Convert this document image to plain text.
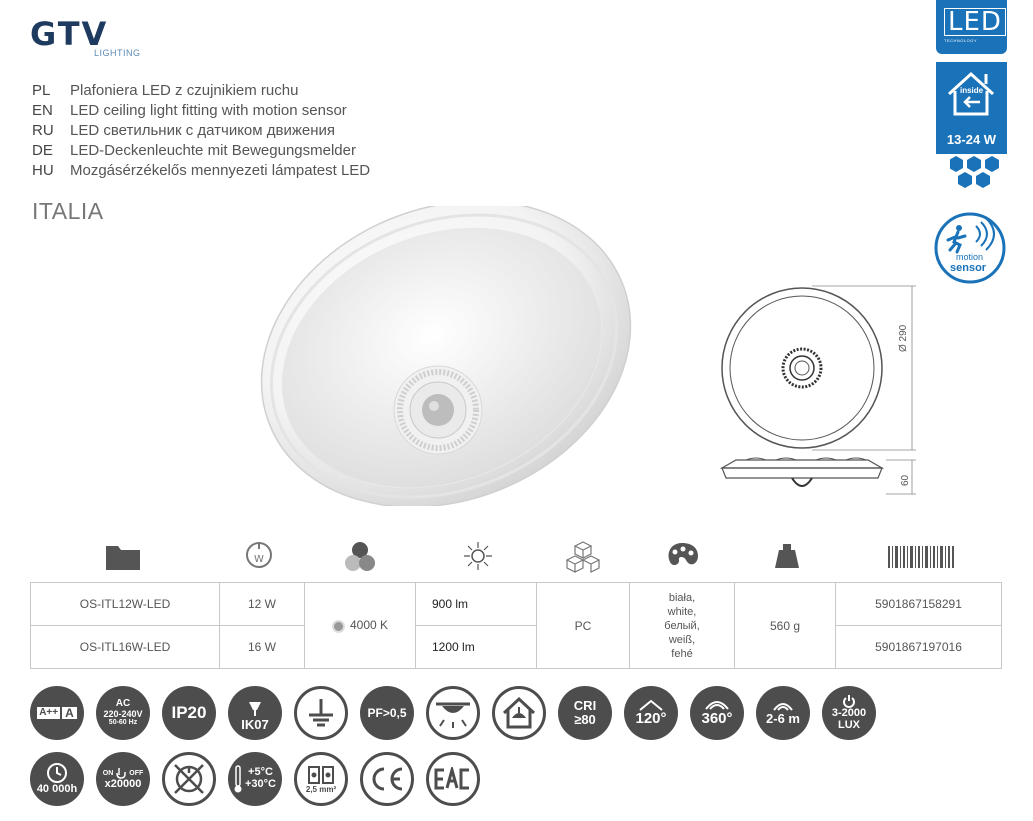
GTV
LIGHTING
PL Plafoniera LED z czujnikiem ruchu
EN LED ceiling light fitting with motion sensor
RU LED светильник с датчиком движения
DE LED-Deckenleuchte mit Bewegungsmelder
HU Mozgásérzékelős mennyezeti lámpatest LED
ITALIA
LED
TECHNOLOGY
inside
13-24 W
motion
sensor
Ø 290
60
W
OS-ITL12W-LED	12 W	4000 K	900 lm	PC	biała,
white,
белый,
weiß,
fehé	560 g	5901867158291
OS-ITL16W-LED	16 W		1200 lm				5901867197016
A++ A
AC
220-240V
50-60 Hz
IP20
IK07
PF>0,5	CRI
≥80	120° 360°	2-6 m	3-2000
LUX
40 000h
ON OFF
x20000
+5°C
+30°C	2,5 mm²
